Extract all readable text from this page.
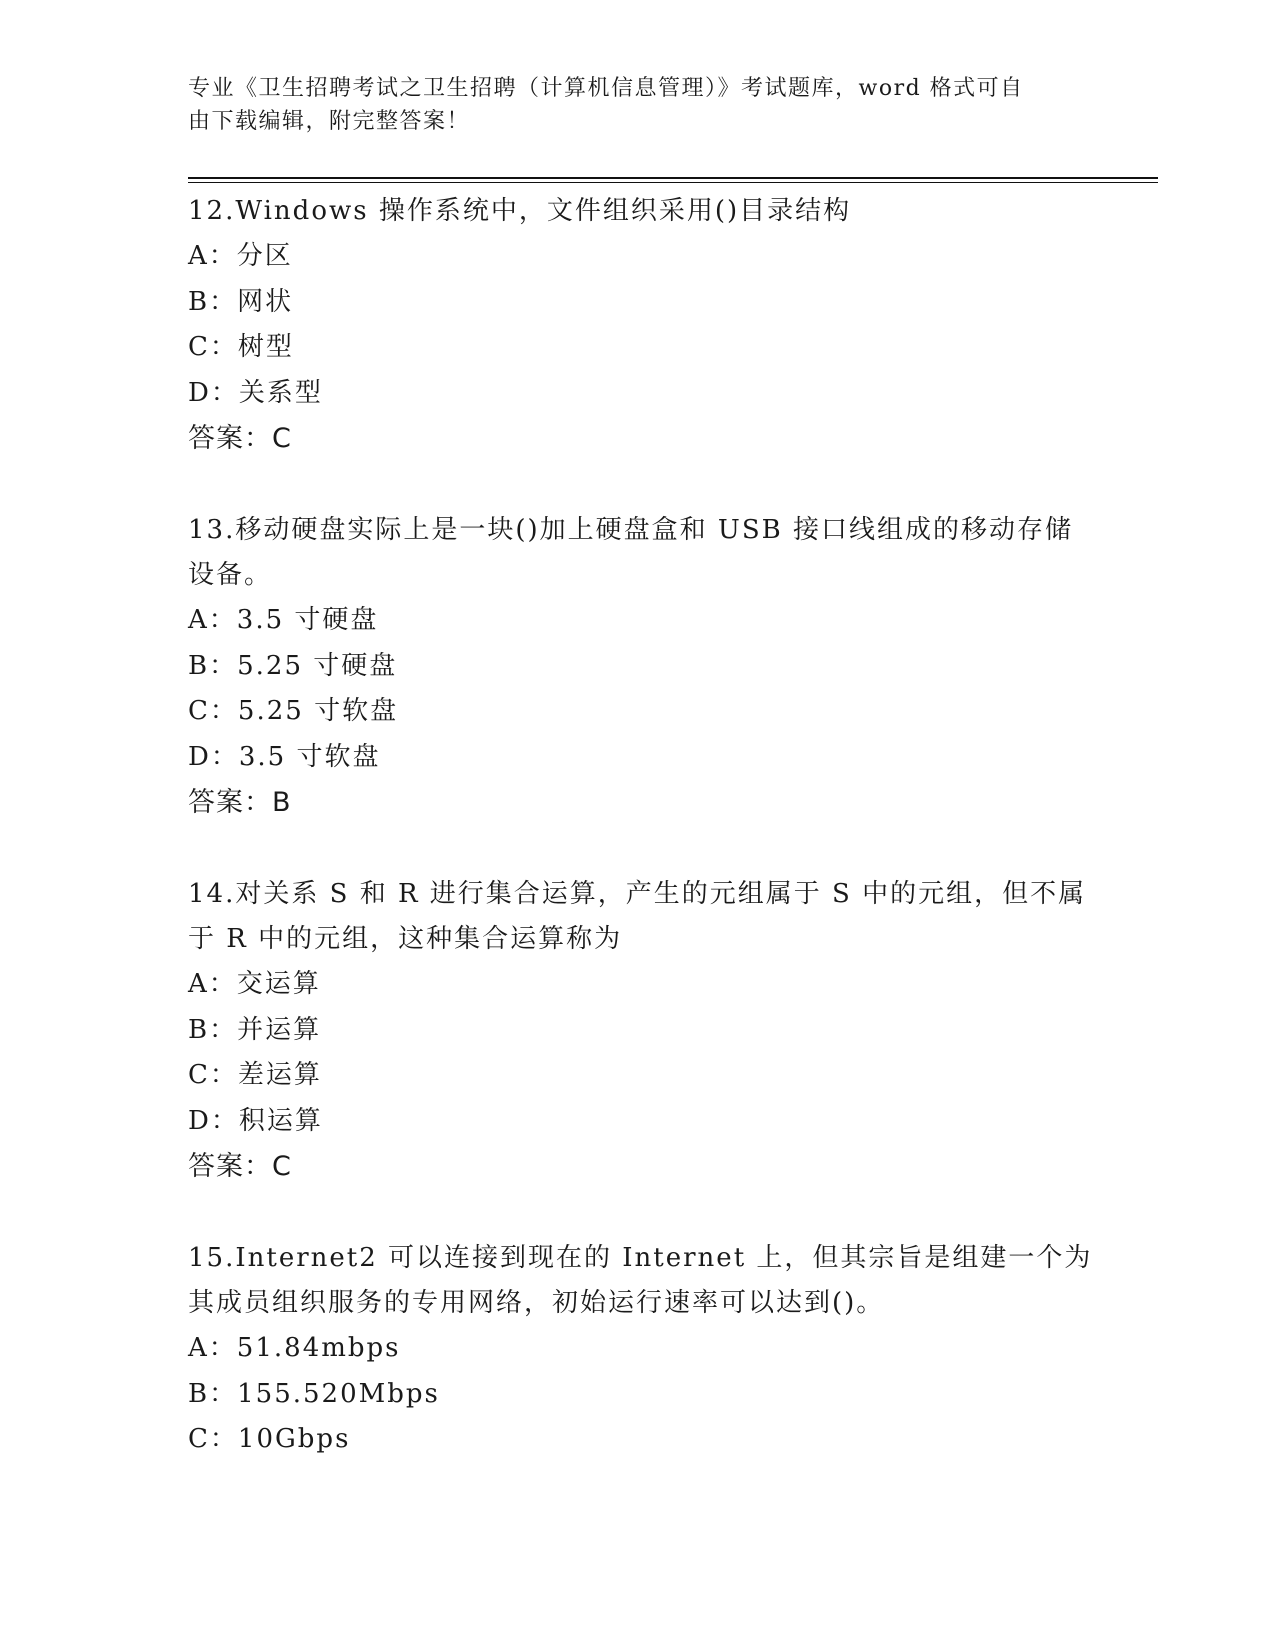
专业《卫生招聘考试之卫生招聘（计算机信息管理）》考试题库，word 格式可自
由下载编辑，附完整答案！
12.Windows 操作系统中，文件组织采用()目录结构
A：分区
B：网状
C：树型
D：关系型
答案：C
13.移动硬盘实际上是一块()加上硬盘盒和 USB 接口线组成的移动存储
设备。
A：3.5 寸硬盘
B：5.25 寸硬盘
C：5.25 寸软盘
D：3.5 寸软盘
答案：B
14.对关系 S 和 R 进行集合运算，产生的元组属于 S 中的元组，但不属
于 R 中的元组，这种集合运算称为
A：交运算
B：并运算
C：差运算
D：积运算
答案：C
15.Internet2 可以连接到现在的 Internet 上，但其宗旨是组建一个为
其成员组织服务的专用网络，初始运行速率可以达到()。
A：51.84mbps
B：155.520Mbps
C：10Gbps
